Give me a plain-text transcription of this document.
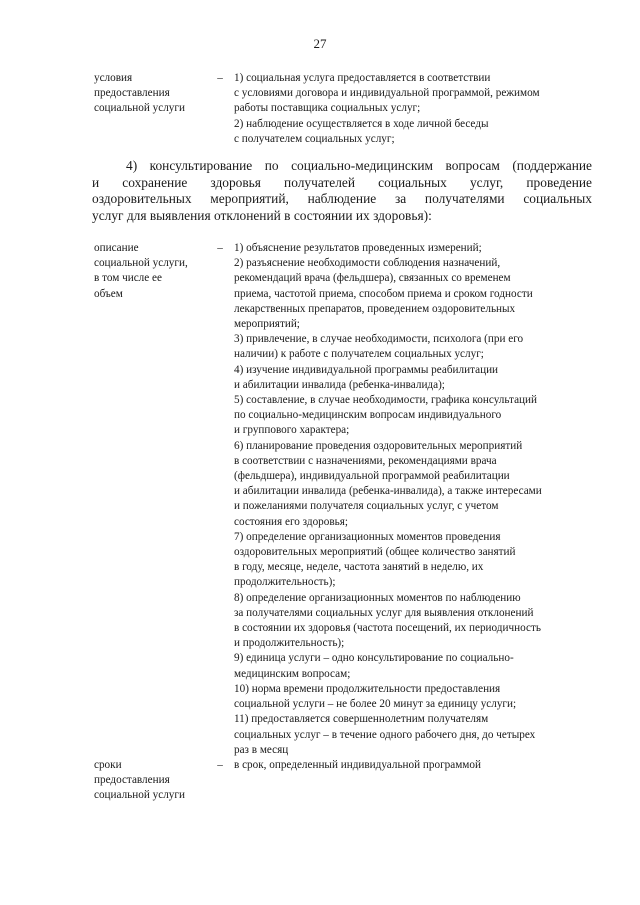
27
условия
предоставления
социальной услуги
– 1) социальная услуга предоставляется в соответствии
с условиями договора и индивидуальной программой, режимом
работы поставщика социальных услуг;
2) наблюдение осуществляется в ходе личной беседы
с получателем социальных услуг;
4) консультирование по социально-медицинским вопросам (поддержание
и сохранение здоровья получателей социальных услуг, проведение
оздоровительных мероприятий, наблюдение за получателями социальных
услуг для выявления отклонений в состоянии их здоровья):
описание
социальной услуги,
в том числе ее
объем
– 1) объяснение результатов проведенных измерений;
2) разъяснение необходимости соблюдения назначений,
рекомендаций врача (фельдшера), связанных со временем
приема, частотой приема, способом приема и сроком годности
лекарственных препаратов, проведением оздоровительных
мероприятий;
3) привлечение, в случае необходимости, психолога (при его
наличии) к работе с получателем социальных услуг;
4) изучение индивидуальной программы реабилитации
и абилитации инвалида (ребенка-инвалида);
5) составление, в случае необходимости, графика консультаций
по социально-медицинским вопросам индивидуального
и группового характера;
6) планирование проведения оздоровительных мероприятий
в соответствии с назначениями, рекомендациями врача
(фельдшера), индивидуальной программой реабилитации
и абилитации инвалида (ребенка-инвалида), а также интересами
и пожеланиями получателя социальных услуг, с учетом
состояния его здоровья;
7) определение организационных моментов проведения
оздоровительных мероприятий (общее количество занятий
в году, месяце, неделе, частота занятий в неделю, их
продолжительность);
8) определение организационных моментов по наблюдению
за получателями социальных услуг для выявления отклонений
в состоянии их здоровья (частота посещений, их периодичность
и продолжительность);
9) единица услуги – одно консультирование по социально-
медицинским вопросам;
10) норма времени продолжительности предоставления
социальной услуги – не более 20 минут за единицу услуги;
11) предоставляется совершеннолетним получателям
социальных услуг – в течение одного рабочего дня, до четырех
раз в месяц
сроки
предоставления
социальной услуги
– в срок, определенный индивидуальной программой
